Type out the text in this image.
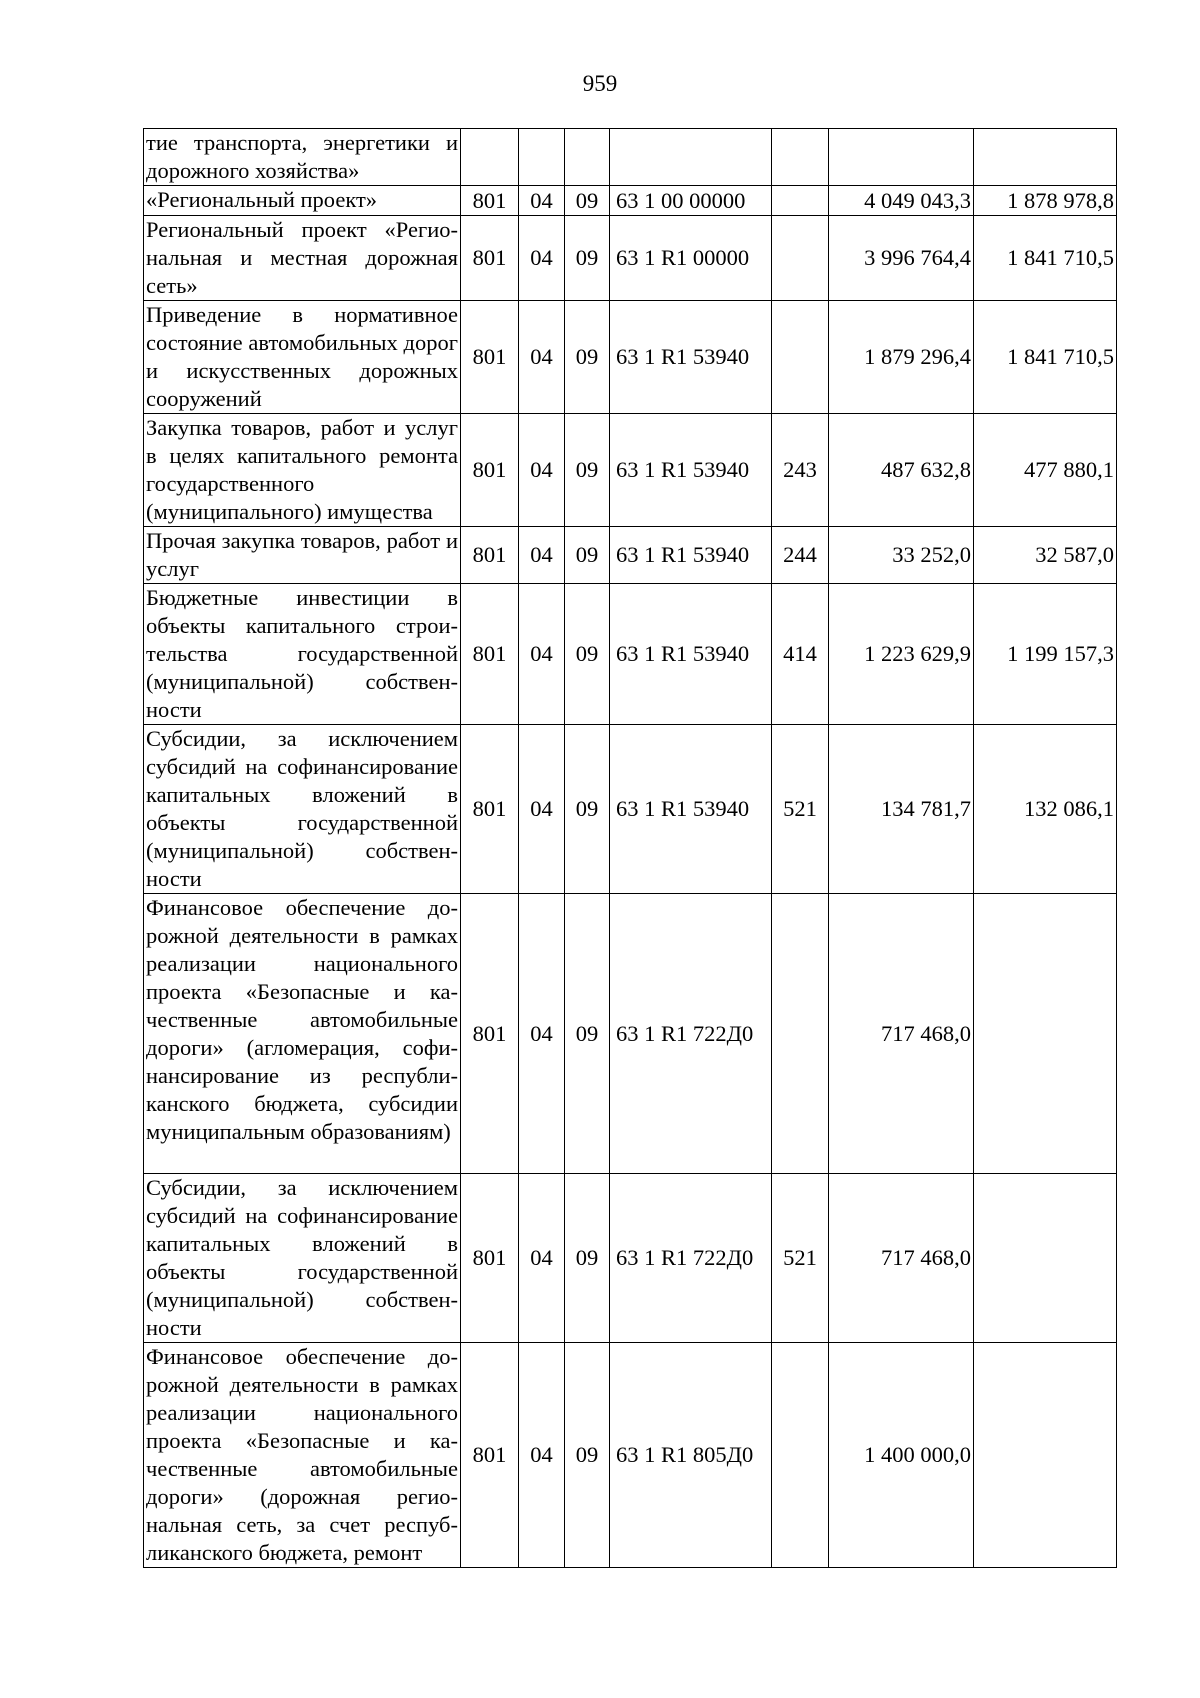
959
тие транспорта, энергетики и дорожного хозяйства»							
«Региональный проект»	801	04	09	63 1 00 00000		4 049 043,3	1 878 978,8
Региональный проект «Региональная и местная дорожная сеть»	801	04	09	63 1 R1 00000		3 996 764,4	1 841 710,5
Приведение в нормативное состояние автомобильных дорог и искусственных дорожных сооружений	801	04	09	63 1 R1 53940		1 879 296,4	1 841 710,5
Закупка товаров, работ и услуг в целях капитального ремонта государственного (муниципального) имущества	801	04	09	63 1 R1 53940	243	487 632,8	477 880,1
Прочая закупка товаров, работ и услуг	801	04	09	63 1 R1 53940	244	33 252,0	32 587,0
Бюджетные инвестиции в объекты капитального строительства государственной (муниципальной) собственности	801	04	09	63 1 R1 53940	414	1 223 629,9	1 199 157,3
Субсидии, за исключением субсидий на софинансирование капитальных вложений в объекты государственной (муниципальной) собственности	801	04	09	63 1 R1 53940	521	134 781,7	132 086,1
Финансовое обеспечение дорожной деятельности в рамках реализации национального проекта «Безопасные и качественные автомобильные дороги» (агломерация, софинансирование из республиканского бюджета, субсидии муниципальным образованиям)	801	04	09	63 1 R1 722Д0		717 468,0	
Субсидии, за исключением субсидий на софинансирование капитальных вложений в объекты государственной (муниципальной) собственности	801	04	09	63 1 R1 722Д0	521	717 468,0	
Финансовое обеспечение дорожной деятельности в рамках реализации национального проекта «Безопасные и качественные автомобильные дороги» (дорожная региональная сеть, за счет республиканского бюджета, ремонт	801	04	09	63 1 R1 805Д0		1 400 000,0	
